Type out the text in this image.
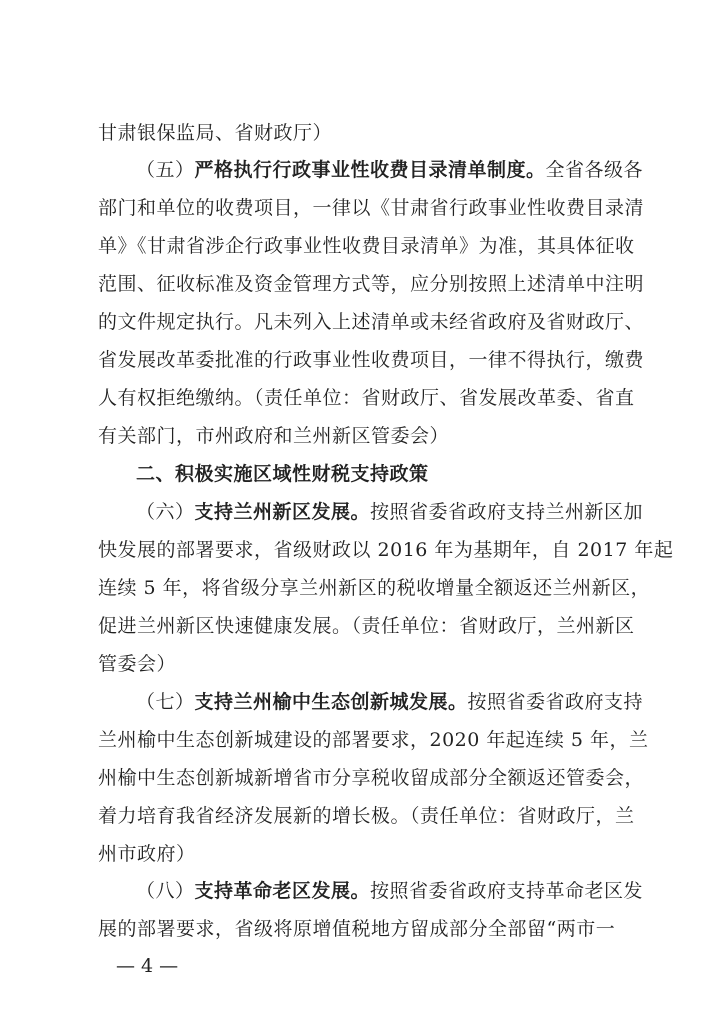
甘肃银保监局、省财政厅）
（五）严格执行行政事业性收费目录清单制度。全省各级各
部门和单位的收费项目，一律以《甘肃省行政事业性收费目录清
单》《甘肃省涉企行政事业性收费目录清单》为准，其具体征收
范围、征收标准及资金管理方式等，应分别按照上述清单中注明
的文件规定执行。凡未列入上述清单或未经省政府及省财政厅、
省发展改革委批准的行政事业性收费项目，一律不得执行，缴费
人有权拒绝缴纳。（责任单位：省财政厅、省发展改革委、省直
有关部门，市州政府和兰州新区管委会）
二、积极实施区域性财税支持政策
（六）支持兰州新区发展。按照省委省政府支持兰州新区加
快发展的部署要求，省级财政以 2016 年为基期年，自 2017 年起
连续 5 年，将省级分享兰州新区的税收增量全额返还兰州新区，
促进兰州新区快速健康发展。（责任单位：省财政厅，兰州新区
管委会）
（七）支持兰州榆中生态创新城发展。按照省委省政府支持
兰州榆中生态创新城建设的部署要求，2020 年起连续 5 年，兰
州榆中生态创新城新增省市分享税收留成部分全额返还管委会，
着力培育我省经济发展新的增长极。（责任单位：省财政厅，兰
州市政府）
（八）支持革命老区发展。按照省委省政府支持革命老区发
展的部署要求，省级将原增值税地方留成部分全部留“两市一
— 4 —
